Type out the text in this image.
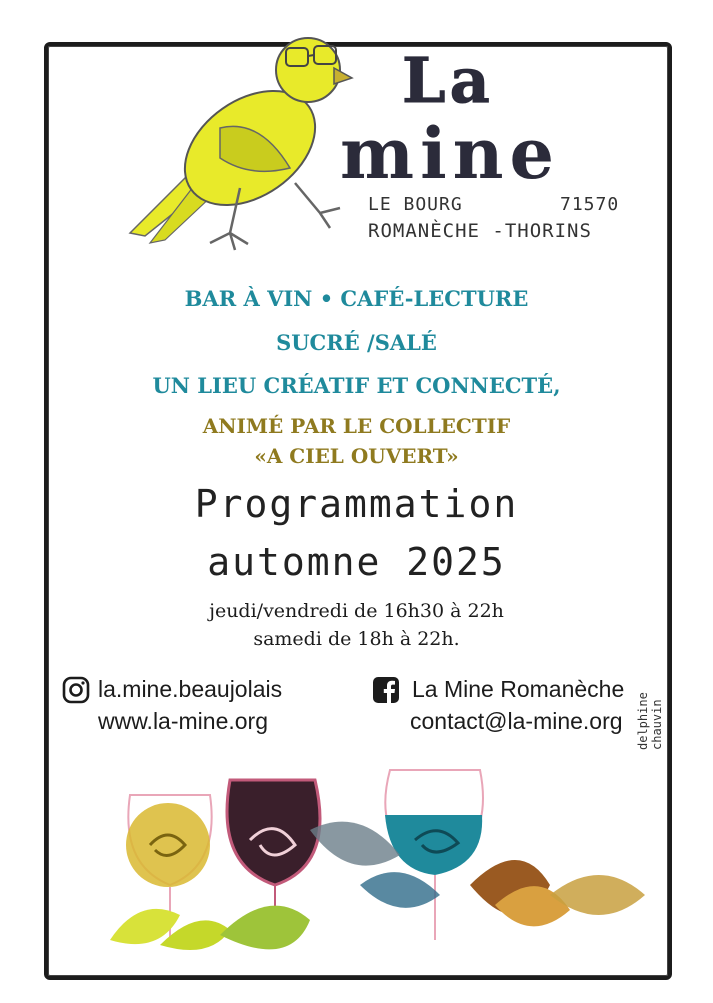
La
mine
LE BOURG	71570
ROMANÈCHE -THORINS
BAR À VIN • CAFÉ-LECTURE
SUCRÉ /SALÉ
UN LIEU CRÉATIF ET CONNECTÉ,
ANIMÉ PAR LE COLLECTIF
«A CIEL OUVERT»
Programmation
automne 2025
jeudi/vendredi de 16h30 à 22h
samedi de 18h à 22h.
la.mine.beaujolais
www.la-mine.org
La Mine Romanèche
contact@la-mine.org delphine chauvin
